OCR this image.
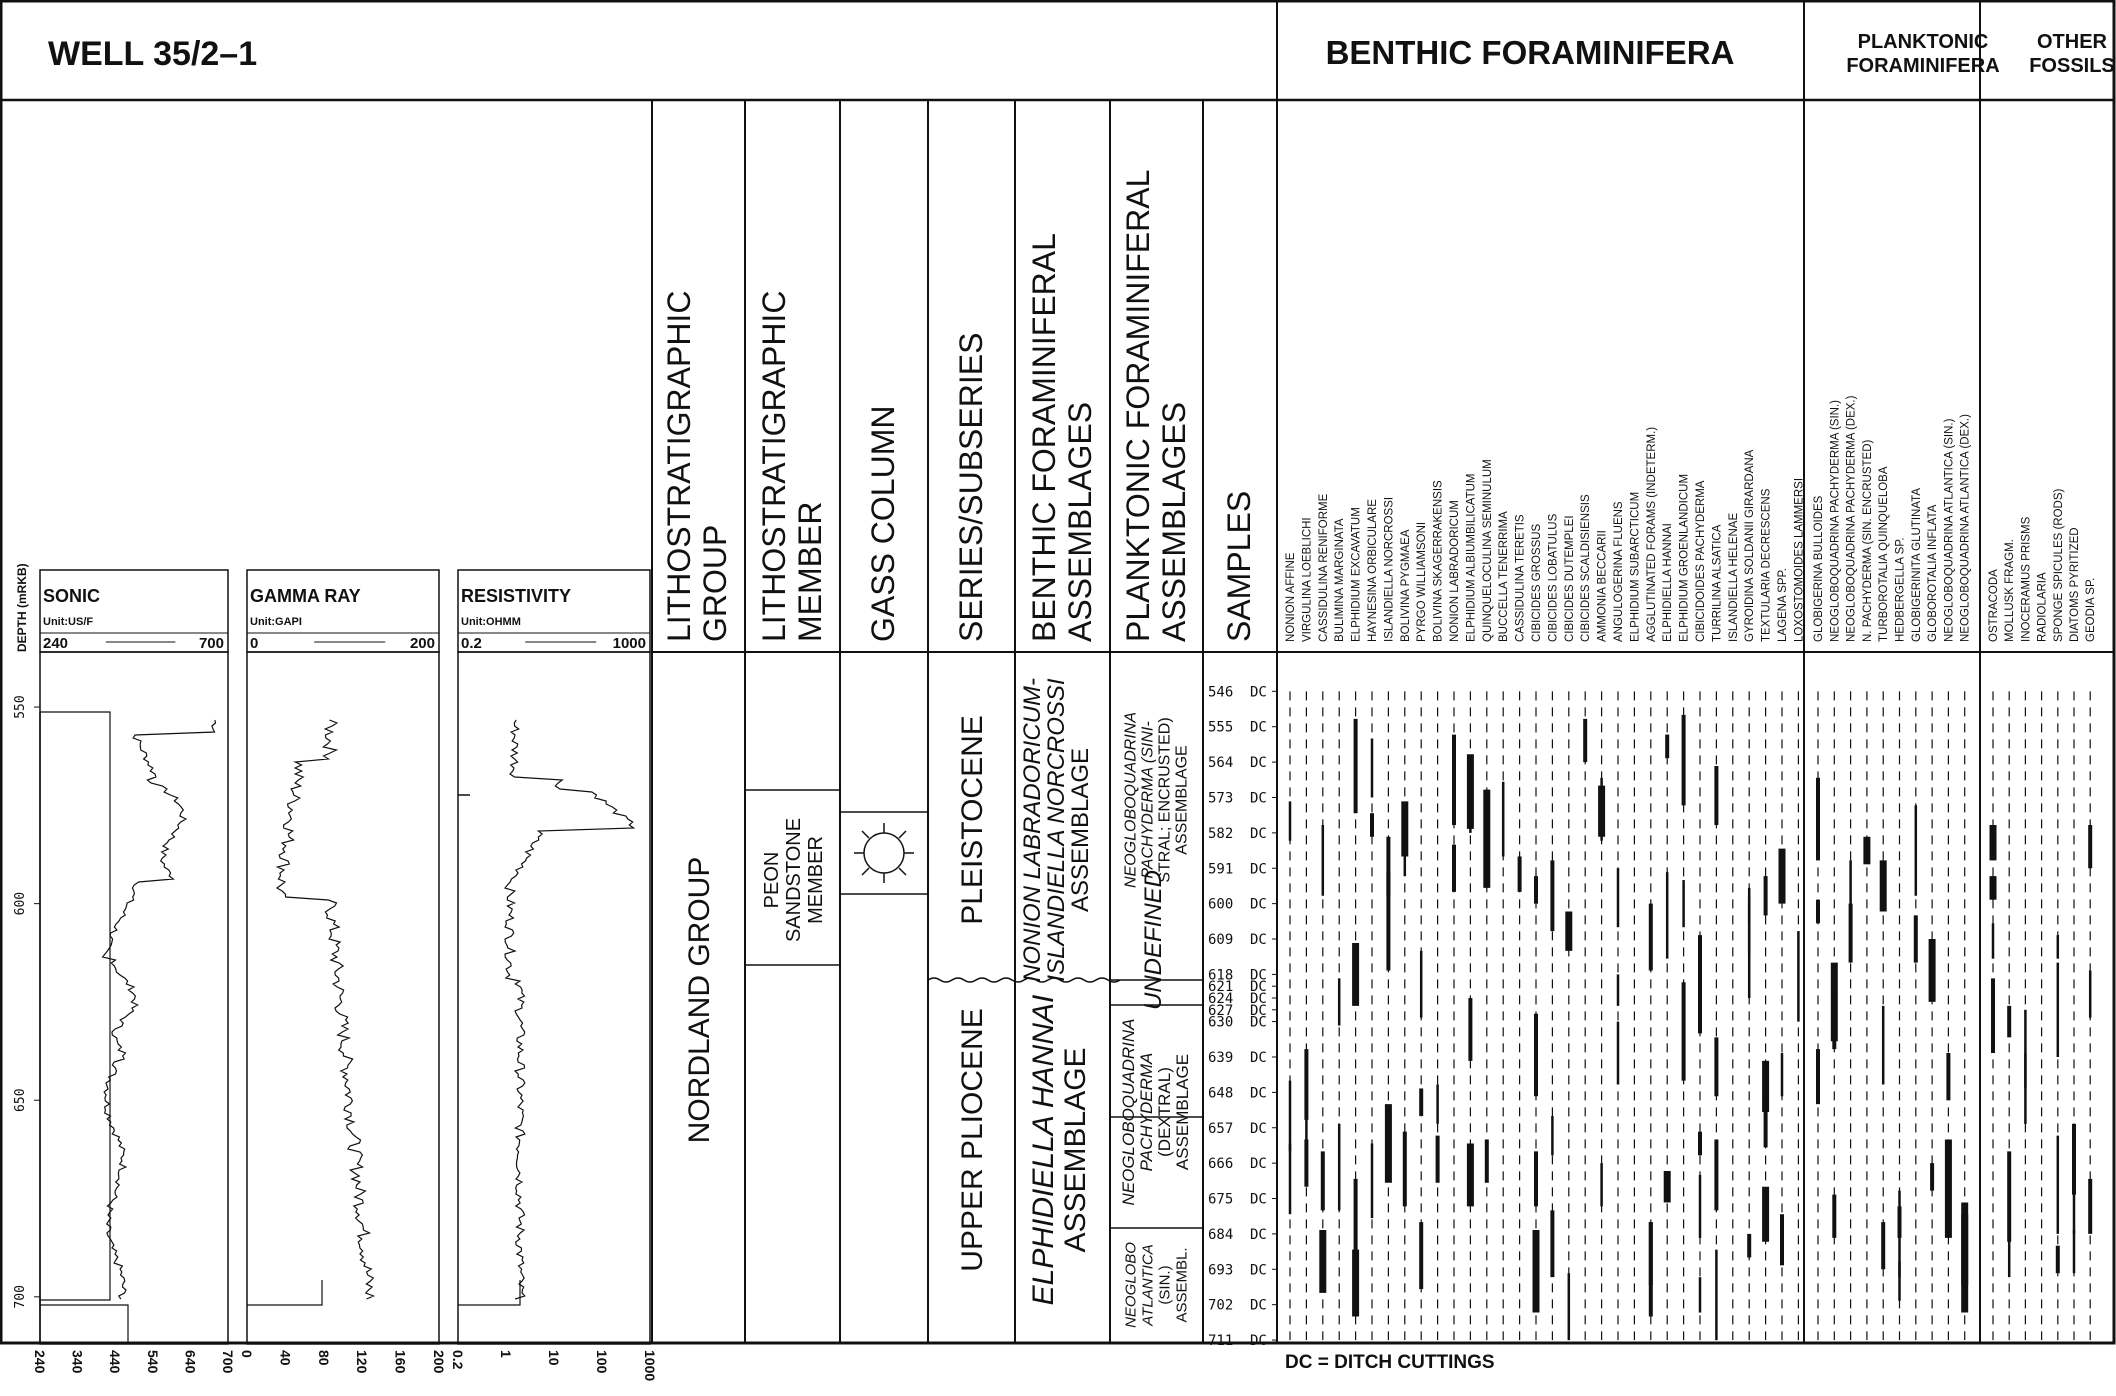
WELL 35/2–1	BENTHIC FORAMINIFERA	PLANKTONIC
FORAMINIFERA
OTHER
FOSSILS
DEPTH (mRKB)
550
600
650
700
SONIC
Unit:US/F
240	700
240 340 440 540 640 700
GAMMA RAY
Unit:GAPI
0	200
0 40 80 120 160 200
RESISTIVITY
Unit:OHMM
0.2	1000
0.2 1 10 100 1000
LITHOSTRATIGRAPHIC GROUP LITHOSTRATIGRAPHIC MEMBER GASS COLUMN SERIES/SUBSERIES BENTHIC FORAMINIFERAL ASSEMBLAGES PLANKTONIC FORAMINIFERAL ASSEMBLAGES SAMPLES
NORDLAND GROUP PEON SANDSTONE MEMBER	PLEISTOCENE
UPPER PLIOCENE
NONION LABRADORICUM-
ISLANDIELLA NORCROSSI
ASSEMBLAGE
ELPHIDIELLA HANNAI ASSEMBLAGE
NEOGLOBOQUADRINA PACHYDERMA (SINI- STRAL; ENCRUSTED) ASSEMBLAGE
UNDEFINED
NEOGLOBOQUADRINA PACHYDERMA (DEXTRAL) ASSEMBLAGE
NEOGLOBO ATLANTICA (SIN.) ASSEMBL.
546 DC
555 DC
564 DC
573 DC
582 DC
591 DC
600 DC
609 DC
618 DC
621 DC
624 DC
627 DC
630 DC
639 DC
648 DC
657 DC
666 DC
675 DC
684 DC
693 DC
702 DC
711 DC
NONION AFFINE VIRGULINA LOEBLICHI CASSIDULINA RENIFORME BULIMINA MARGINATA ELPHIDIUM EXCAVATUM HAYNESINA ORBICULARE ISLANDIELLA NORCROSSI BOLIVINA PYGMAEA PYRGO WILLIAMSONI BOLIVINA SKAGERRAKENSIS NONION LABRADORICUM ELPHIDIUM ALBIUMBILICATUM QUINQUELOCULINA SEMINULUM BUCCELLA TENERRIMA CASSIDULINA TERETIS CIBICIDES GROSSUS CIBICIDES LOBATULUS CIBICIDES DUTEMPLEI CIBICIDES SCALDISIENSIS AMMONIA BECCARII ANGULOGERINA FLUENS ELPHIDIUM SUBARCTICUM AGGLUTINATED FORAMS (INDETERM.) ELPHIDIELLA HANNAI ELPHIDIUM GROENLANDICUM CIBICIDOIDES PACHYDERMA TURRILINA ALSATICA ISLANDIELLA HELENAE GYROIDINA SOLDANII GIRARDANA TEXTULARIA DECRESCENS LAGENA SPP. LOXOSTOMOIDES LAMMERSI GLOBIGERINA BULLOIDES NEOGLOBOQUADRINA PACHYDERMA (SIN.) NEOGLOBOQUADRINA PACHYDERMA (DEX.) N. PACHYDERMA (SIN. ENCRUSTED) TURBOROTALIA QUINQUELOBA HEDBERGELLA SP. GLOBIGERINITA GLUTINATA GLOBOROTALIA INFLATA NEOGLOBOQUADRINA ATLANTICA (SIN.) NEOGLOBOQUADRINA ATLANTICA (DEX.) OSTRACODA MOLLUSK FRAGM. INOCERAMUS PRISMS RADIOLARIA SPONGE SPICULES (RODS) DIATOMS PYRITIZED GEODIA SP.
DC = DITCH CUTTINGS
